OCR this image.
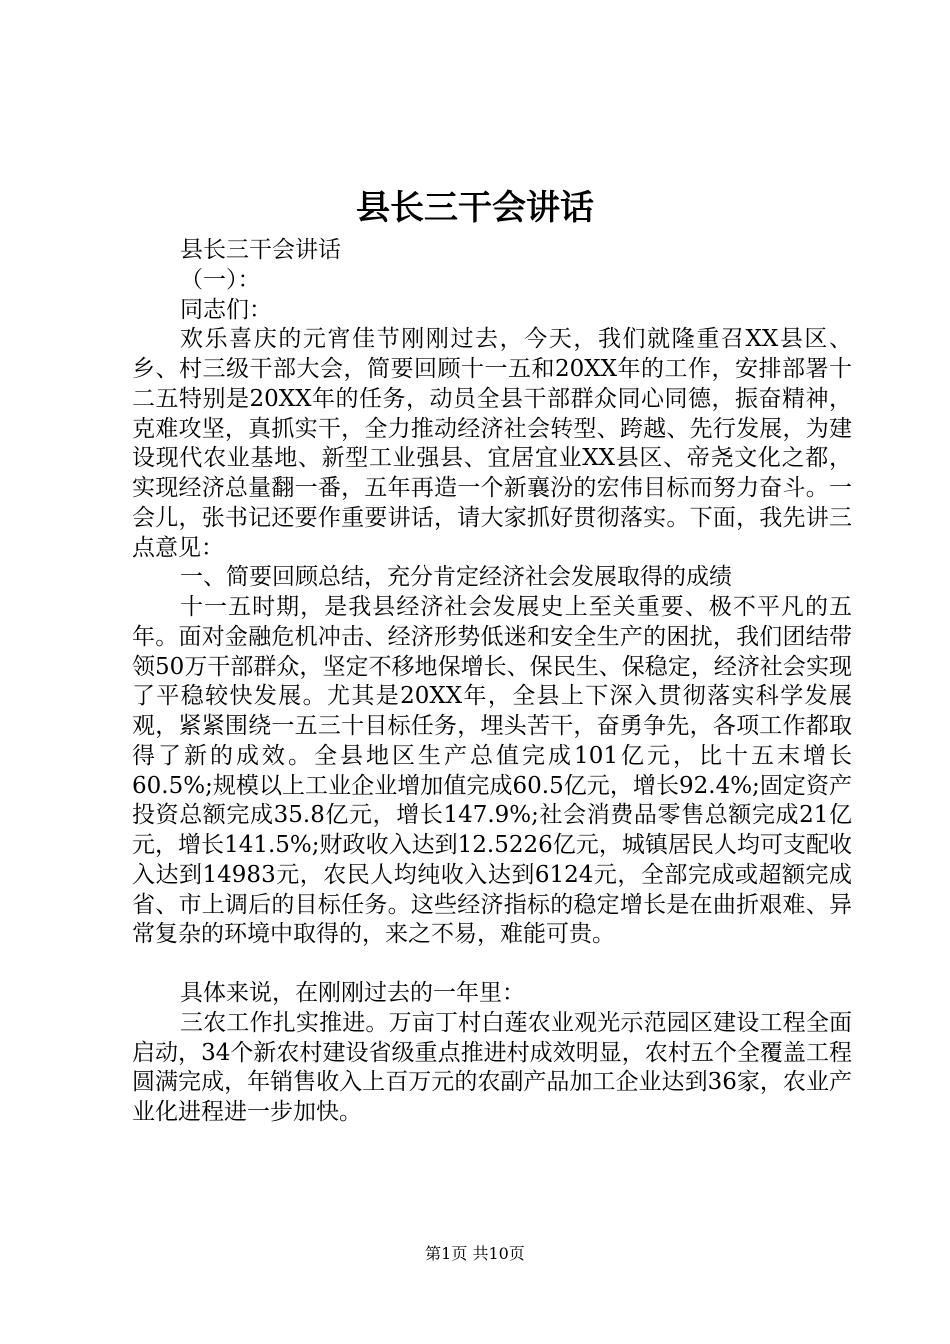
县长三干会讲话

县长三干会讲话

（一）：

同志们：

欢乐喜庆的元宵佳节刚刚过去，今天，我们就隆重召XX县区、乡、村三级干部大会，简要回顾十一五和20XX年的工作，安排部署十二五特别是20XX年的任务，动员全县干部群众同心同德，振奋精神，克难攻坚，真抓实干，全力推动经济社会转型、跨越、先行发展，为建设现代农业基地、新型工业强县、宜居宜业XX县区、帝尧文化之都，实现经济总量翻一番，五年再造一个新襄汾的宏伟目标而努力奋斗。一会儿，张书记还要作重要讲话，请大家抓好贯彻落实。下面，我先讲三点意见：

一、简要回顾总结，充分肯定经济社会发展取得的成绩

十一五时期，是我县经济社会发展史上至关重要、极不平凡的五年。面对金融危机冲击、经济形势低迷和安全生产的困扰，我们团结带领50万干部群众，坚定不移地保增长、保民生、保稳定，经济社会实现了平稳较快发展。尤其是20XX年，全县上下深入贯彻落实科学发展观，紧紧围绕一五三十目标任务，埋头苦干，奋勇争先，各项工作都取得了新的成效。全县地区生产总值完成101亿元，比十五末增长60.5%;规模以上工业企业增加值完成60.5亿元，增长92.4%;固定资产投资总额完成35.8亿元，增长147.9%;社会消费品零售总额完成21亿元，增长141.5%;财政收入达到12.5226亿元，城镇居民人均可支配收入达到14983元，农民人均纯收入达到6124元，全部完成或超额完成省、市上调后的目标任务。这些经济指标的稳定增长是在曲折艰难、异常复杂的环境中取得的，来之不易，难能可贵。

具体来说，在刚刚过去的一年里：

三农工作扎实推进。万亩丁村白莲农业观光示范园区建设工程全面启动，34个新农村建设省级重点推进村成效明显，农村五个全覆盖工程圆满完成，年销售收入上百万元的农副产品加工企业达到36家，农业产业化进程进一步加快。

第1页 共10页
